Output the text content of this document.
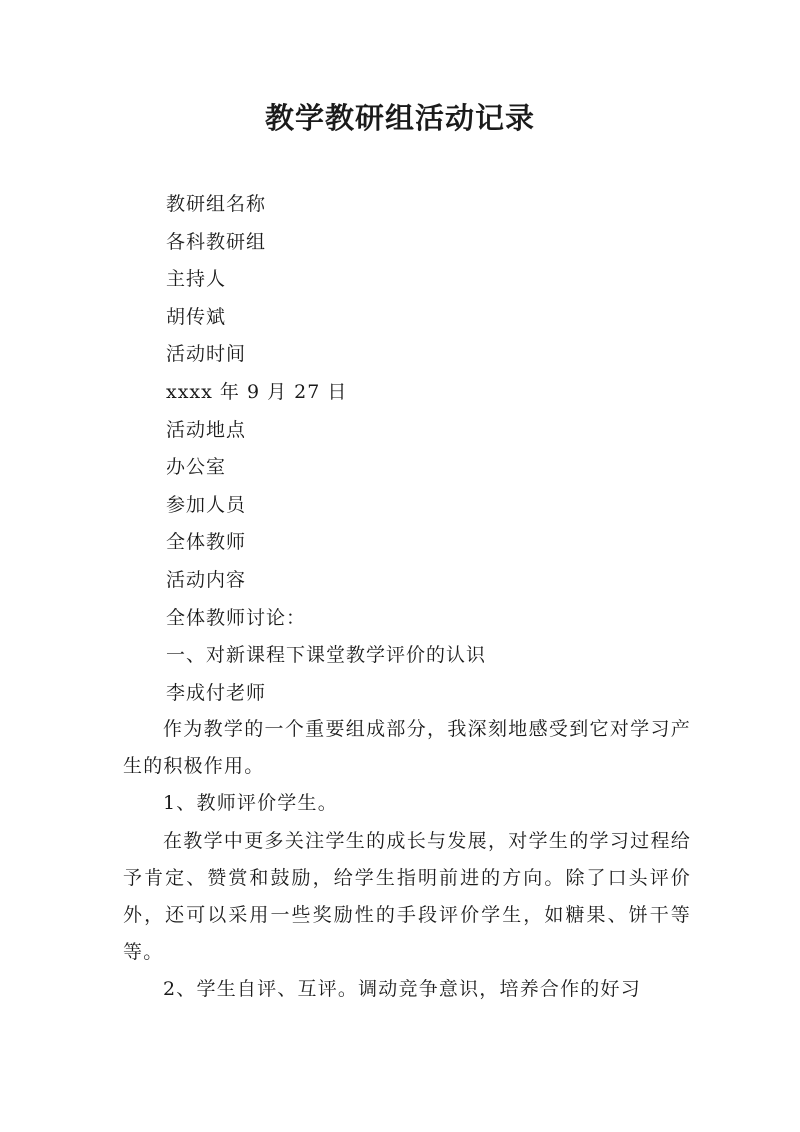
教学教研组活动记录
教研组名称
各科教研组
主持人
胡传斌
活动时间
xxxx 年 9 月 27 日
活动地点
办公室
参加人员
全体教师
活动内容
全体教师讨论：
一、对新课程下课堂教学评价的认识
李成付老师

作为教学的一个重要组成部分，我深刻地感受到它对学习产生的积极作用。

1、教师评价学生。

在教学中更多关注学生的成长与发展，对学生的学习过程给予肯定、赞赏和鼓励，给学生指明前进的方向。除了口头评价外，还可以采用一些奖励性的手段评价学生，如糖果、饼干等等。

2、学生自评、互评。调动竞争意识，培养合作的好习
